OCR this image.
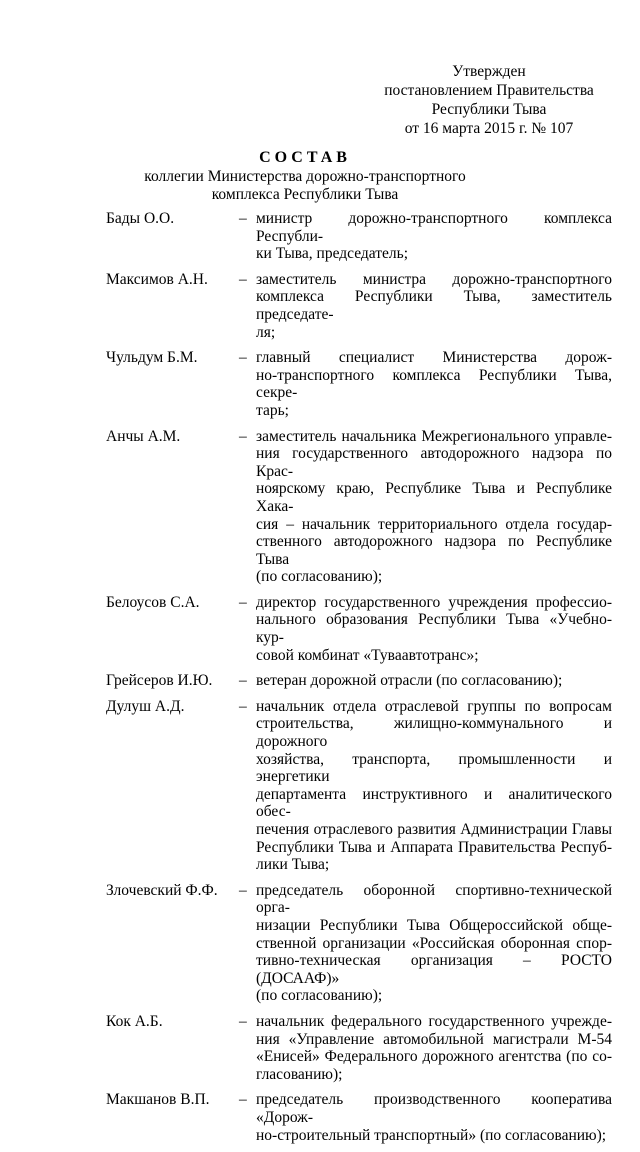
Утвержден
постановлением Правительства
Республики Тыва
от 16 марта 2015 г. № 107
СОСТАВ
коллегии Министерства дорожно-транспортного
комплекса Республики Тыва
Бады О.О.	– министр дорожно-транспортного комплекса Республи-
ки Тыва, председатель;
Максимов А.Н.	– заместитель министра дорожно-транспортного
комплекса Республики Тыва, заместитель председате-
ля;
Чульдум Б.М.	– главный специалист Министерства дорож-
но-транспортного комплекса Республики Тыва, секре-
тарь;
Анчы А.М.	– заместитель начальника Межрегионального управле-
ния государственного автодорожного надзора по Крас-
ноярскому краю, Республике Тыва и Республике Хака-
сия – начальник территориального отдела государ-
ственного автодорожного надзора по Республике Тыва
(по согласованию);
Белоусов С.А.	– директор государственного учреждения профессио-
нального образования Республики Тыва «Учебно-кур-
совой комбинат «Тувaавтотранс»;
Грейсеров И.Ю.	– ветеран дорожной отрасли (по согласованию);
Дулуш А.Д.	– начальник отдела отраслевой группы по вопросам
строительства, жилищно-коммунального и дорожного
хозяйства, транспорта, промышленности и энергетики
департамента инструктивного и аналитического обес-
печения отраслевого развития Администрации Главы
Республики Тыва и Аппарата Правительства Респуб-
лики Тыва;
Злочевский Ф.Ф.	– председатель оборонной спортивно-технической орга-
низации Республики Тыва Общероссийской обще-
ственной организации «Российская оборонная спор-
тивно-техническая организация – РОСТО (ДОСААФ)»
(по согласованию);
Кок А.Б.	– начальник федерального государственного учрежде-
ния «Управление автомобильной магистрали М-54
«Енисей» Федерального дорожного агентства (по со-
гласованию);
Макшанов В.П.	– председатель производственного кооператива «Дорож-
но-строительный транспортный» (по согласованию);
